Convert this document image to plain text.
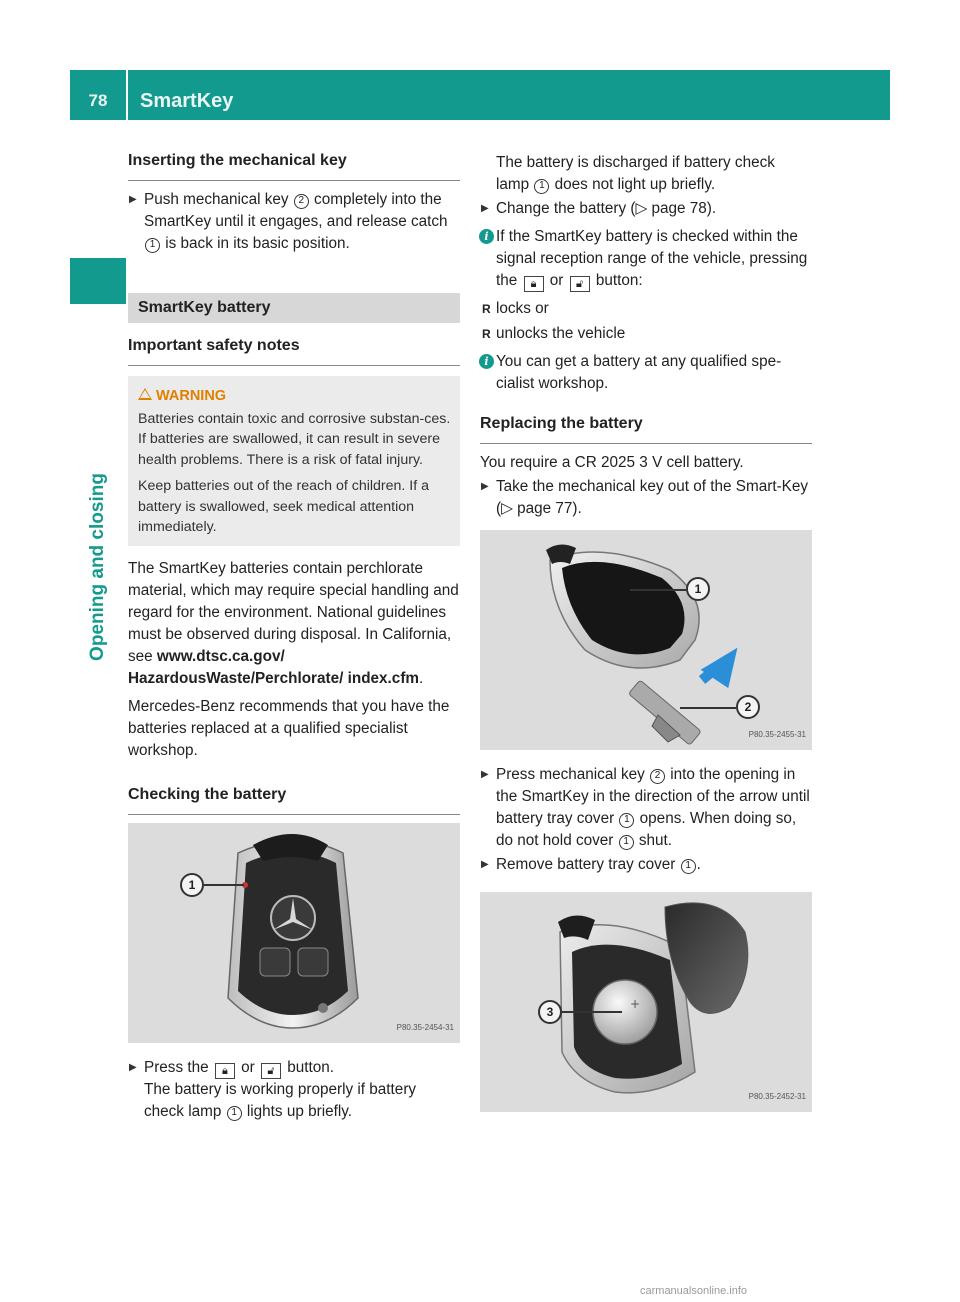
78	SmartKey
Opening and closing
Inserting the mechanical key

▶ Push mechanical key 2 completely into the SmartKey until it engages, and release catch 1 is back in its basic position.

SmartKey battery
Important safety notes
WARNING

Batteries contain toxic and corrosive substan-ces. If batteries are swallowed, it can result in severe health problems. There is a risk of fatal injury.

Keep batteries out of the reach of children. If a battery is swallowed, seek medical attention immediately.

The SmartKey batteries contain perchlorate material, which may require special handling and regard for the environment. National guidelines must be observed during disposal. In California, see www.dtsc.ca.gov/ HazardousWaste/Perchlorate/ index.cfm.

Mercedes-Benz recommends that you have the batteries replaced at a qualified specialist workshop.

Checking the battery
1
P80.35-2454-31

▶ Press the 🔒︎ or 🔓︎ button.
The battery is working properly if battery check lamp 1 lights up briefly.

The battery is discharged if battery check lamp 1 does not light up briefly.

▶ Change the battery (▷ page 78).

i If the SmartKey battery is checked within the signal reception range of the vehicle, pressing the 🔒︎ or 🔓︎ button:

R locks or

R unlocks the vehicle

i You can get a battery at any qualified spe-cialist workshop.

Replacing the battery

You require a CR 2025 3 V cell battery.

▶ Take the mechanical key out of the Smart-Key (▷ page 77).

1
2
P80.35-2455-31

▶ Press mechanical key 2 into the opening in the SmartKey in the direction of the arrow until battery tray cover 1 opens. When doing so, do not hold cover 1 shut.

▶ Remove battery tray cover 1 .

+
3
P80.35-2452-31
carmanualsonline.info
